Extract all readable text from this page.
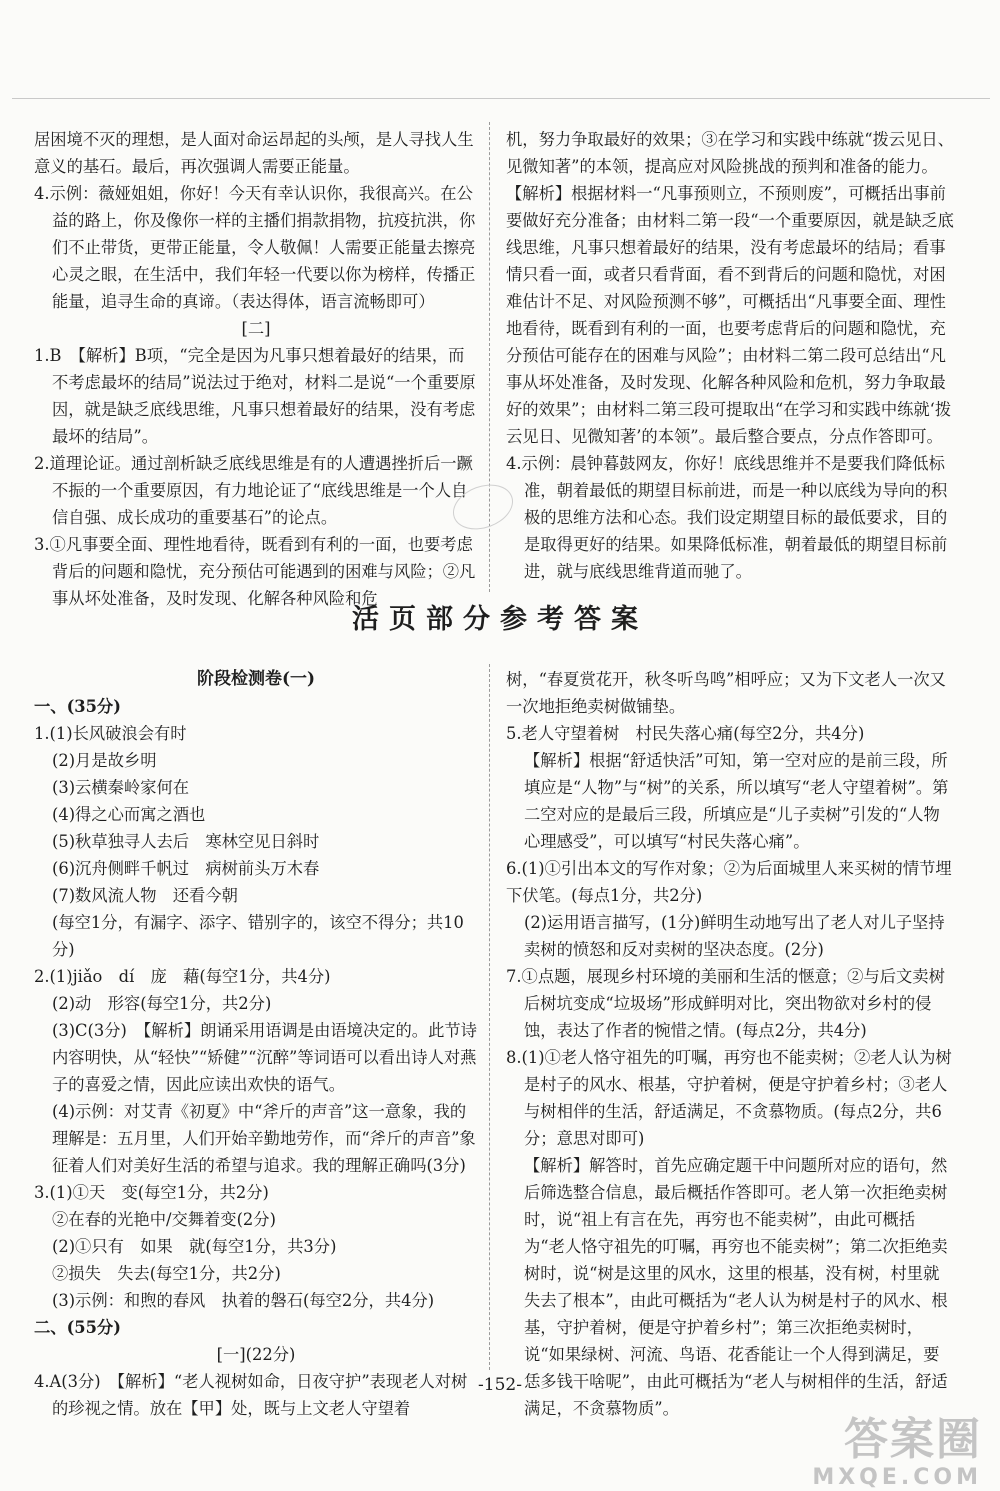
居困境不灭的理想，是人面对命运昂起的头颅，是人寻找人生意义的基石。最后，再次强调人需要正能量。

4.示例：薇娅姐姐，你好！今天有幸认识你，我很高兴。在公益的路上，你及像你一样的主播们捐款捐物，抗疫抗洪，你们不止带货，更带正能量，令人敬佩！人需要正能量去擦亮心灵之眼，在生活中，我们年轻一代要以你为榜样，传播正能量，追寻生命的真谛。（表达得体，语言流畅即可）

[二]

1.B　【解析】B项，“完全是因为凡事只想着最好的结果，而不考虑最坏的结局”说法过于绝对，材料二是说“一个重要原因，就是缺乏底线思维，凡事只想着最好的结果，没有考虑最坏的结局”。

2.道理论证。通过剖析缺乏底线思维是有的人遭遇挫折后一蹶不振的一个重要原因，有力地论证了“底线思维是一个人自信自强、成长成功的重要基石”的论点。

3.①凡事要全面、理性地看待，既看到有利的一面，也要考虑背后的问题和隐忧，充分预估可能遇到的困难与风险；②凡事从坏处准备，及时发现、化解各种风险和危

机，努力争取最好的效果；③在学习和实践中练就“拨云见日、见微知著”的本领，提高应对风险挑战的预判和准备的能力。

【解析】根据材料一“凡事预则立，不预则废”，可概括出事前要做好充分准备；由材料二第一段“一个重要原因，就是缺乏底线思维，凡事只想着最好的结果，没有考虑最坏的结局；看事情只看一面，或者只看背面，看不到背后的问题和隐忧，对困难估计不足、对风险预测不够”，可概括出“凡事要全面、理性地看待，既看到有利的一面，也要考虑背后的问题和隐忧，充分预估可能存在的困难与风险”；由材料二第二段可总结出“凡事从坏处准备，及时发现、化解各种风险和危机，努力争取最好的效果”；由材料二第三段可提取出“在学习和实践中练就‘拨云见日、见微知著’的本领”。最后整合要点，分点作答即可。

4.示例：晨钟暮鼓网友，你好！底线思维并不是要我们降低标准，朝着最低的期望目标前进，而是一种以底线为导向的积极的思维方法和心态。我们设定期望目标的最低要求，目的是取得更好的结果。如果降低标准，朝着最低的期望目标前进，就与底线思维背道而驰了。

活页部分参考答案

阶段检测卷(一)

一、(35分)

1.(1)长风破浪会有时

(2)月是故乡明

(3)云横秦岭家何在

(4)得之心而寓之酒也

(5)秋草独寻人去后　寒林空见日斜时

(6)沉舟侧畔千帆过　病树前头万木春

(7)数风流人物　还看今朝

(每空1分，有漏字、添字、错别字的，该空不得分；共10分)

2.(1)jiǎo　dí　庞　藉(每空1分，共4分)

(2)动　形容(每空1分，共2分)

(3)C(3分)　【解析】朗诵采用语调是由语境决定的。此节诗内容明快，从“轻快”“矫健”“沉醉”等词语可以看出诗人对燕子的喜爱之情，因此应读出欢快的语气。

(4)示例：对艾青《初夏》中“斧斤的声音”这一意象，我的理解是：五月里，人们开始辛勤地劳作，而“斧斤的声音”象征着人们对美好生活的希望与追求。我的理解正确吗(3分)

3.(1)①天　变(每空1分，共2分)

②在春的光艳中/交舞着变(2分)

(2)①只有　如果　就(每空1分，共3分)

②损失　失去(每空1分，共2分)

(3)示例：和煦的春风　执着的磐石(每空2分，共4分)

二、(55分)

[一](22分)

4.A(3分)　【解析】“老人视树如命，日夜守护”表现老人对树的珍视之情。放在【甲】处，既与上文老人守望着

树，“春夏赏花开，秋冬听鸟鸣”相呼应；又为下文老人一次又一次地拒绝卖树做铺垫。

5.老人守望着树　村民失落心痛(每空2分，共4分)

【解析】根据“舒适快活”可知，第一空对应的是前三段，所填应是“人物”与“树”的关系，所以填写“老人守望着树”。第二空对应的是最后三段，所填应是“儿子卖树”引发的“人物心理感受”，可以填写“村民失落心痛”。

6.(1)①引出本文的写作对象；②为后面城里人来买树的情节埋下伏笔。(每点1分，共2分)

(2)运用语言描写，(1分)鲜明生动地写出了老人对儿子坚持卖树的愤怒和反对卖树的坚决态度。(2分)

7.①点题，展现乡村环境的美丽和生活的惬意；②与后文卖树后树坑变成“垃圾场”形成鲜明对比，突出物欲对乡村的侵蚀，表达了作者的惋惜之情。(每点2分，共4分)

8.(1)①老人恪守祖先的叮嘱，再穷也不能卖树；②老人认为树是村子的风水、根基，守护着树，便是守护着乡村；③老人与树相伴的生活，舒适满足，不贪慕物质。(每点2分，共6分；意思对即可)

【解析】解答时，首先应确定题干中问题所对应的语句，然后筛选整合信息，最后概括作答即可。老人第一次拒绝卖树时，说“祖上有言在先，再穷也不能卖树”，由此可概括为“老人恪守祖先的叮嘱，再穷也不能卖树”；第二次拒绝卖树时，说“树是这里的风水，这里的根基，没有树，村里就失去了根本”，由此可概括为“老人认为树是村子的风水、根基，守护着树，便是守护着乡村”；第三次拒绝卖树时，说“如果绿树、河流、鸟语、花香能让一个人得到满足，要恁多钱干啥呢”，由此可概括为“老人与树相伴的生活，舒适满足，不贪慕物质”。

-152-
答案圈
MXQE.COM
